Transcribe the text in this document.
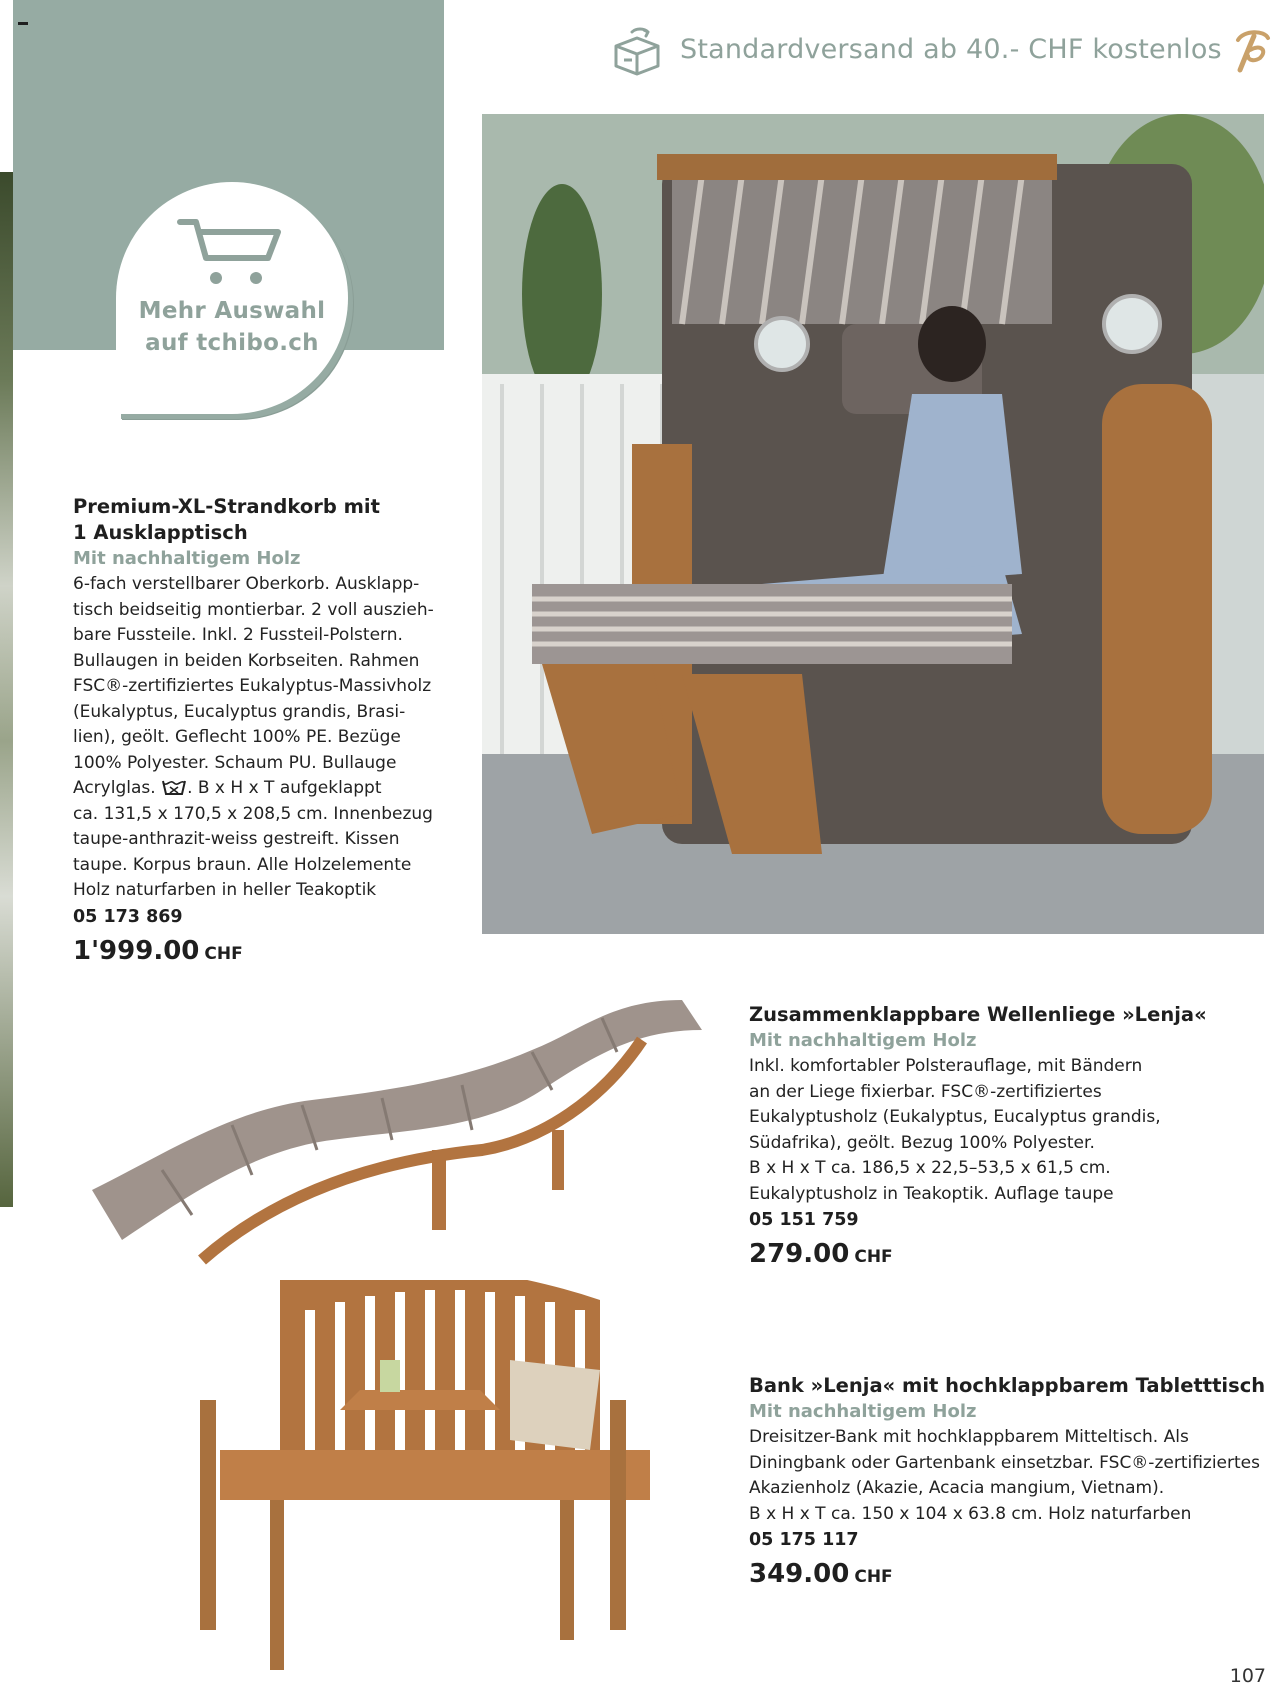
Mehr Auswahl
auf tchibo.ch
Standardversand ab 40.- CHF kostenlos
Premium-XL-Strandkorb mit
1 Ausklapptisch
Mit nachhaltigem Holz
6-fach verstellbarer Oberkorb. Ausklapp-
tisch beidseitig montierbar. 2 voll auszieh-
bare Fussteile. Inkl. 2 Fussteil-Polstern.
Bullaugen in beiden Korbseiten. Rahmen
FSC®-zertifiziertes Eukalyptus-Massivholz
(Eukalyptus, Eucalyptus grandis, Brasi-
lien), geölt. Geflecht 100% PE. Bezüge
100% Polyester. Schaum PU. Bullauge
Acrylglas. . B x H x T aufgeklappt
ca. 131,5 x 170,5 x 208,5 cm. Innenbezug
taupe-anthrazit-weiss gestreift. Kissen
taupe. Korpus braun. Alle Holzelemente
Holz naturfarben in heller Teakoptik
05 173 869
1'999.00 CHF
Zusammenklappbare Wellenliege »Lenja«
Mit nachhaltigem Holz
Inkl. komfortabler Polsterauflage, mit Bändern
an der Liege fixierbar. FSC®-zertifiziertes
Eukalyptusholz (Eukalyptus, Eucalyptus grandis,
Südafrika), geölt. Bezug 100% Polyester.
B x H x T ca. 186,5 x 22,5–53,5 x 61,5 cm.
Eukalyptusholz in Teakoptik. Auflage taupe
05 151 759
279.00 CHF
Bank »Lenja« mit hochklappbarem Tabletttisch
Mit nachhaltigem Holz
Dreisitzer-Bank mit hochklappbarem Mitteltisch. Als
Diningbank oder Gartenbank einsetzbar. FSC®-zertifiziertes
Akazienholz (Akazie, Acacia mangium, Vietnam).
B x H x T ca. 150 x 104 x 63.8 cm. Holz naturfarben
05 175 117
349.00 CHF
107
